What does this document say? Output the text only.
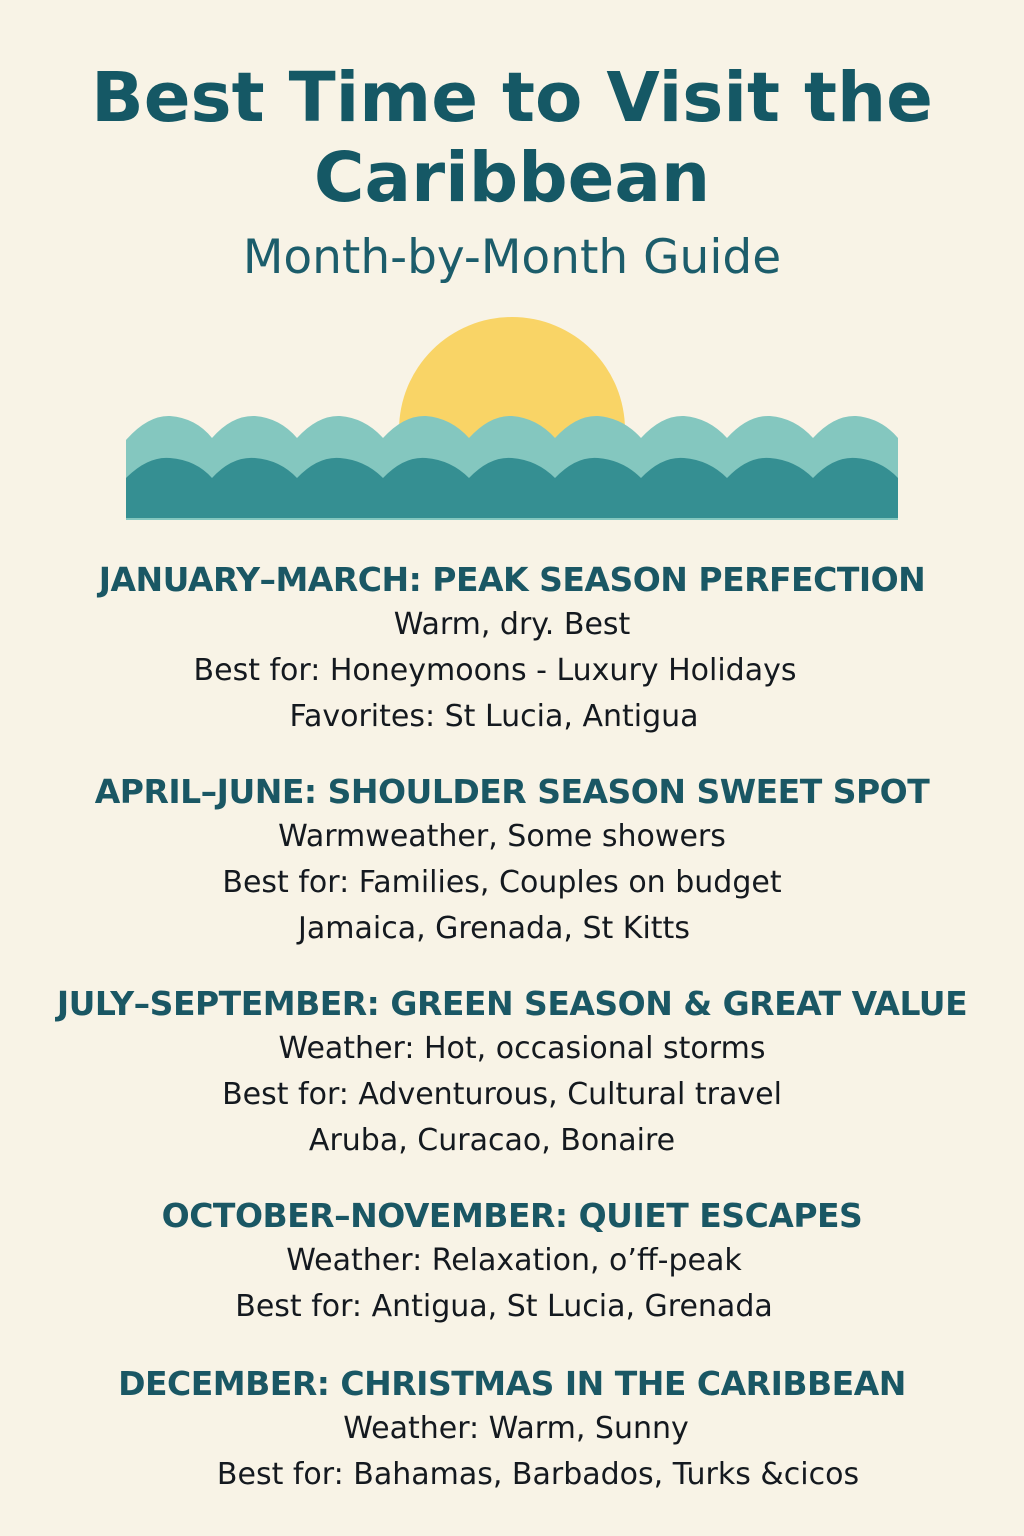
Best Time to Visit the
Caribbean
Month-by-Month Guide
JANUARY–MARCH: PEAK SEASON PERFECTION
Warm, dry. Best
Best for: Honeymoons - Luxury Holidays
Favorites: St Lucia, Antigua
APRIL–JUNE: SHOULDER SEASON SWEET SPOT
Warmweather, Some showers
Best for: Families, Couples on budget
Jamaica, Grenada, St Kitts
JULY–SEPTEMBER: GREEN SEASON & GREAT VALUE
Weather: Hot, occasional storms
Best for: Adventurous, Cultural travel
Aruba, Curacao, Bonaire
OCTOBER–NOVEMBER: QUIET ESCAPES
Weather: Relaxation, o’ff-peak
Best for: Antigua, St Lucia, Grenada
DECEMBER: CHRISTMAS IN THE CARIBBEAN
Weather: Warm, Sunny
Best for: Bahamas, Barbados, Turks &cicos
